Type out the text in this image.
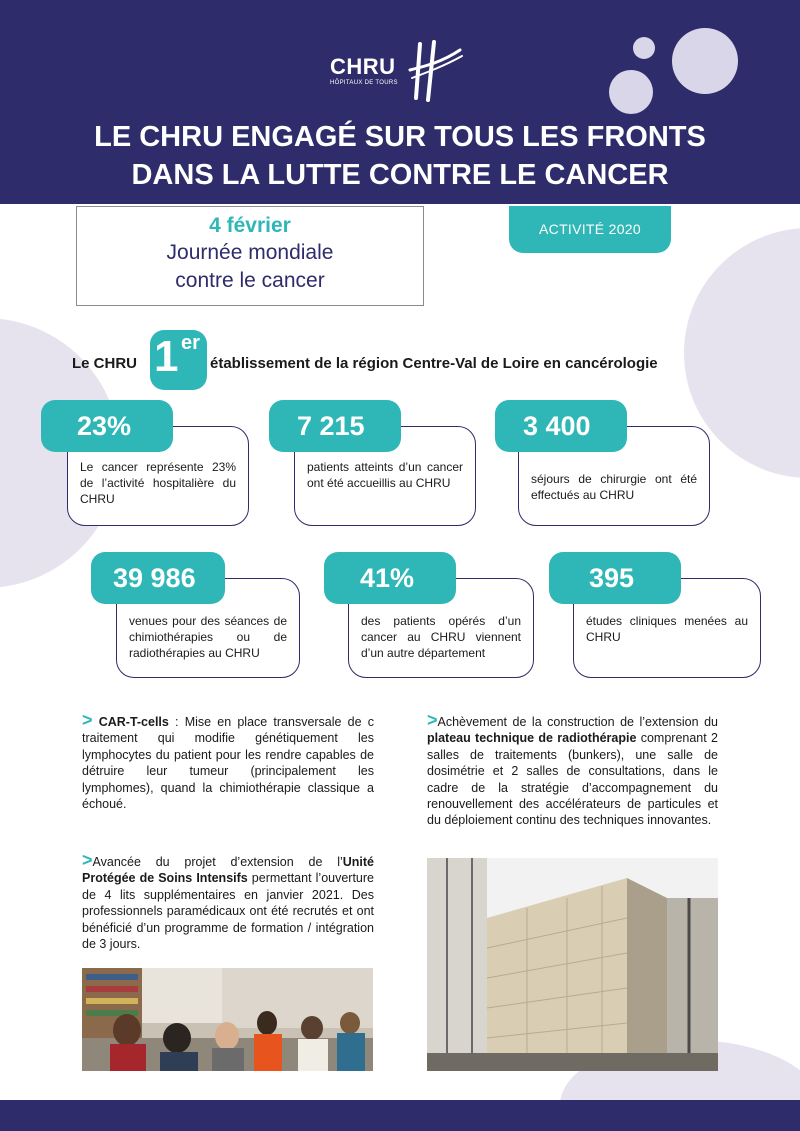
CHRU
HÔPITAUX DE TOURS
LE CHRU ENGAGÉ SUR TOUS LES FRONTS
DANS LA LUTTE CONTRE LE CANCER
4 février
Journée mondiale
contre le cancer
ACTIVITÉ 2020
Le CHRU 1 er
établissement de la région Centre-Val de Loire en cancérologie
Le cancer représente 23% de l’activité hospitalière du CHRU
23%
patients atteints d’un cancer ont été accueillis au CHRU
7 215
séjours de chirurgie ont été effectués au CHRU
3 400
venues pour des séances de chimiothérapies ou de radiothérapies au CHRU
39 986
des patients opérés d’un cancer au CHRU viennent d’un autre département
41%
études cliniques menées au CHRU
395
> CAR-T-cells : Mise en place transversale de c traitement qui modifie génétiquement les lymphocytes du patient pour les rendre capables de détruire leur tumeur (principalement les lymphomes), quand la chimiothérapie classique a échoué.
>Achèvement de la construction de l’extension du plateau technique de radiothérapie comprenant 2 salles de traitements (bunkers), une salle de dosimétrie et 2 salles de consultations, dans le cadre de la stratégie d’accompagnement du renouvellement des accélérateurs de particules et du déploiement continu des techniques innovantes.
>Avancée du projet d’extension de l’Unité Protégée de Soins Intensifs permettant l’ouverture de 4 lits supplémentaires en janvier 2021. Des professionnels paramédicaux ont été recrutés et ont bénéficié d’un programme de formation / intégration de 3 jours.
